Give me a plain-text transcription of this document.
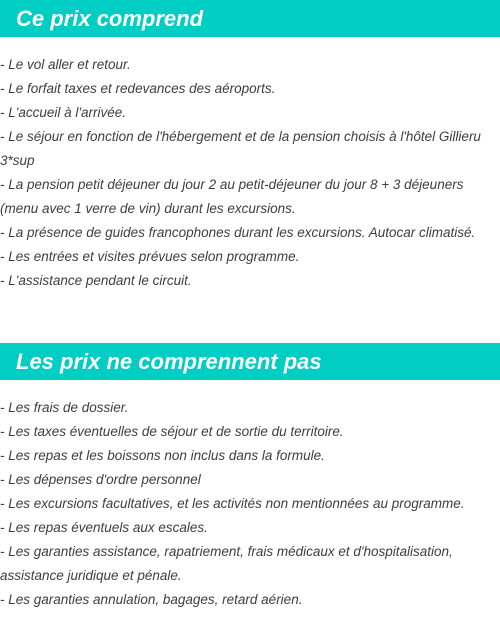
Ce prix comprend
- Le vol aller et retour.
- Le forfait taxes et redevances des aéroports.
- L'accueil à l'arrivée.
- Le séjour en fonction de l'hébergement et de la pension choisis à l'hôtel Gillieru 3*sup
- La pension petit déjeuner du jour 2 au petit-déjeuner du jour 8 + 3 déjeuners (menu avec 1 verre de vin) durant les excursions.
- La présence de guides francophones durant les excursions. Autocar climatisé.
- Les entrées et visites prévues selon programme.
- L'assistance pendant le circuit.
Les prix ne comprennent pas
- Les frais de dossier.
- Les taxes éventuelles de séjour et de sortie du territoire.
- Les repas et les boissons non inclus dans la formule.
- Les dépenses d'ordre personnel
- Les excursions facultatives, et les activités non mentionnées au programme.
- Les repas éventuels aux escales.
- Les garanties assistance, rapatriement, frais médicaux et d'hospitalisation, assistance juridique et pénale.
- Les garanties annulation, bagages, retard aérien.
